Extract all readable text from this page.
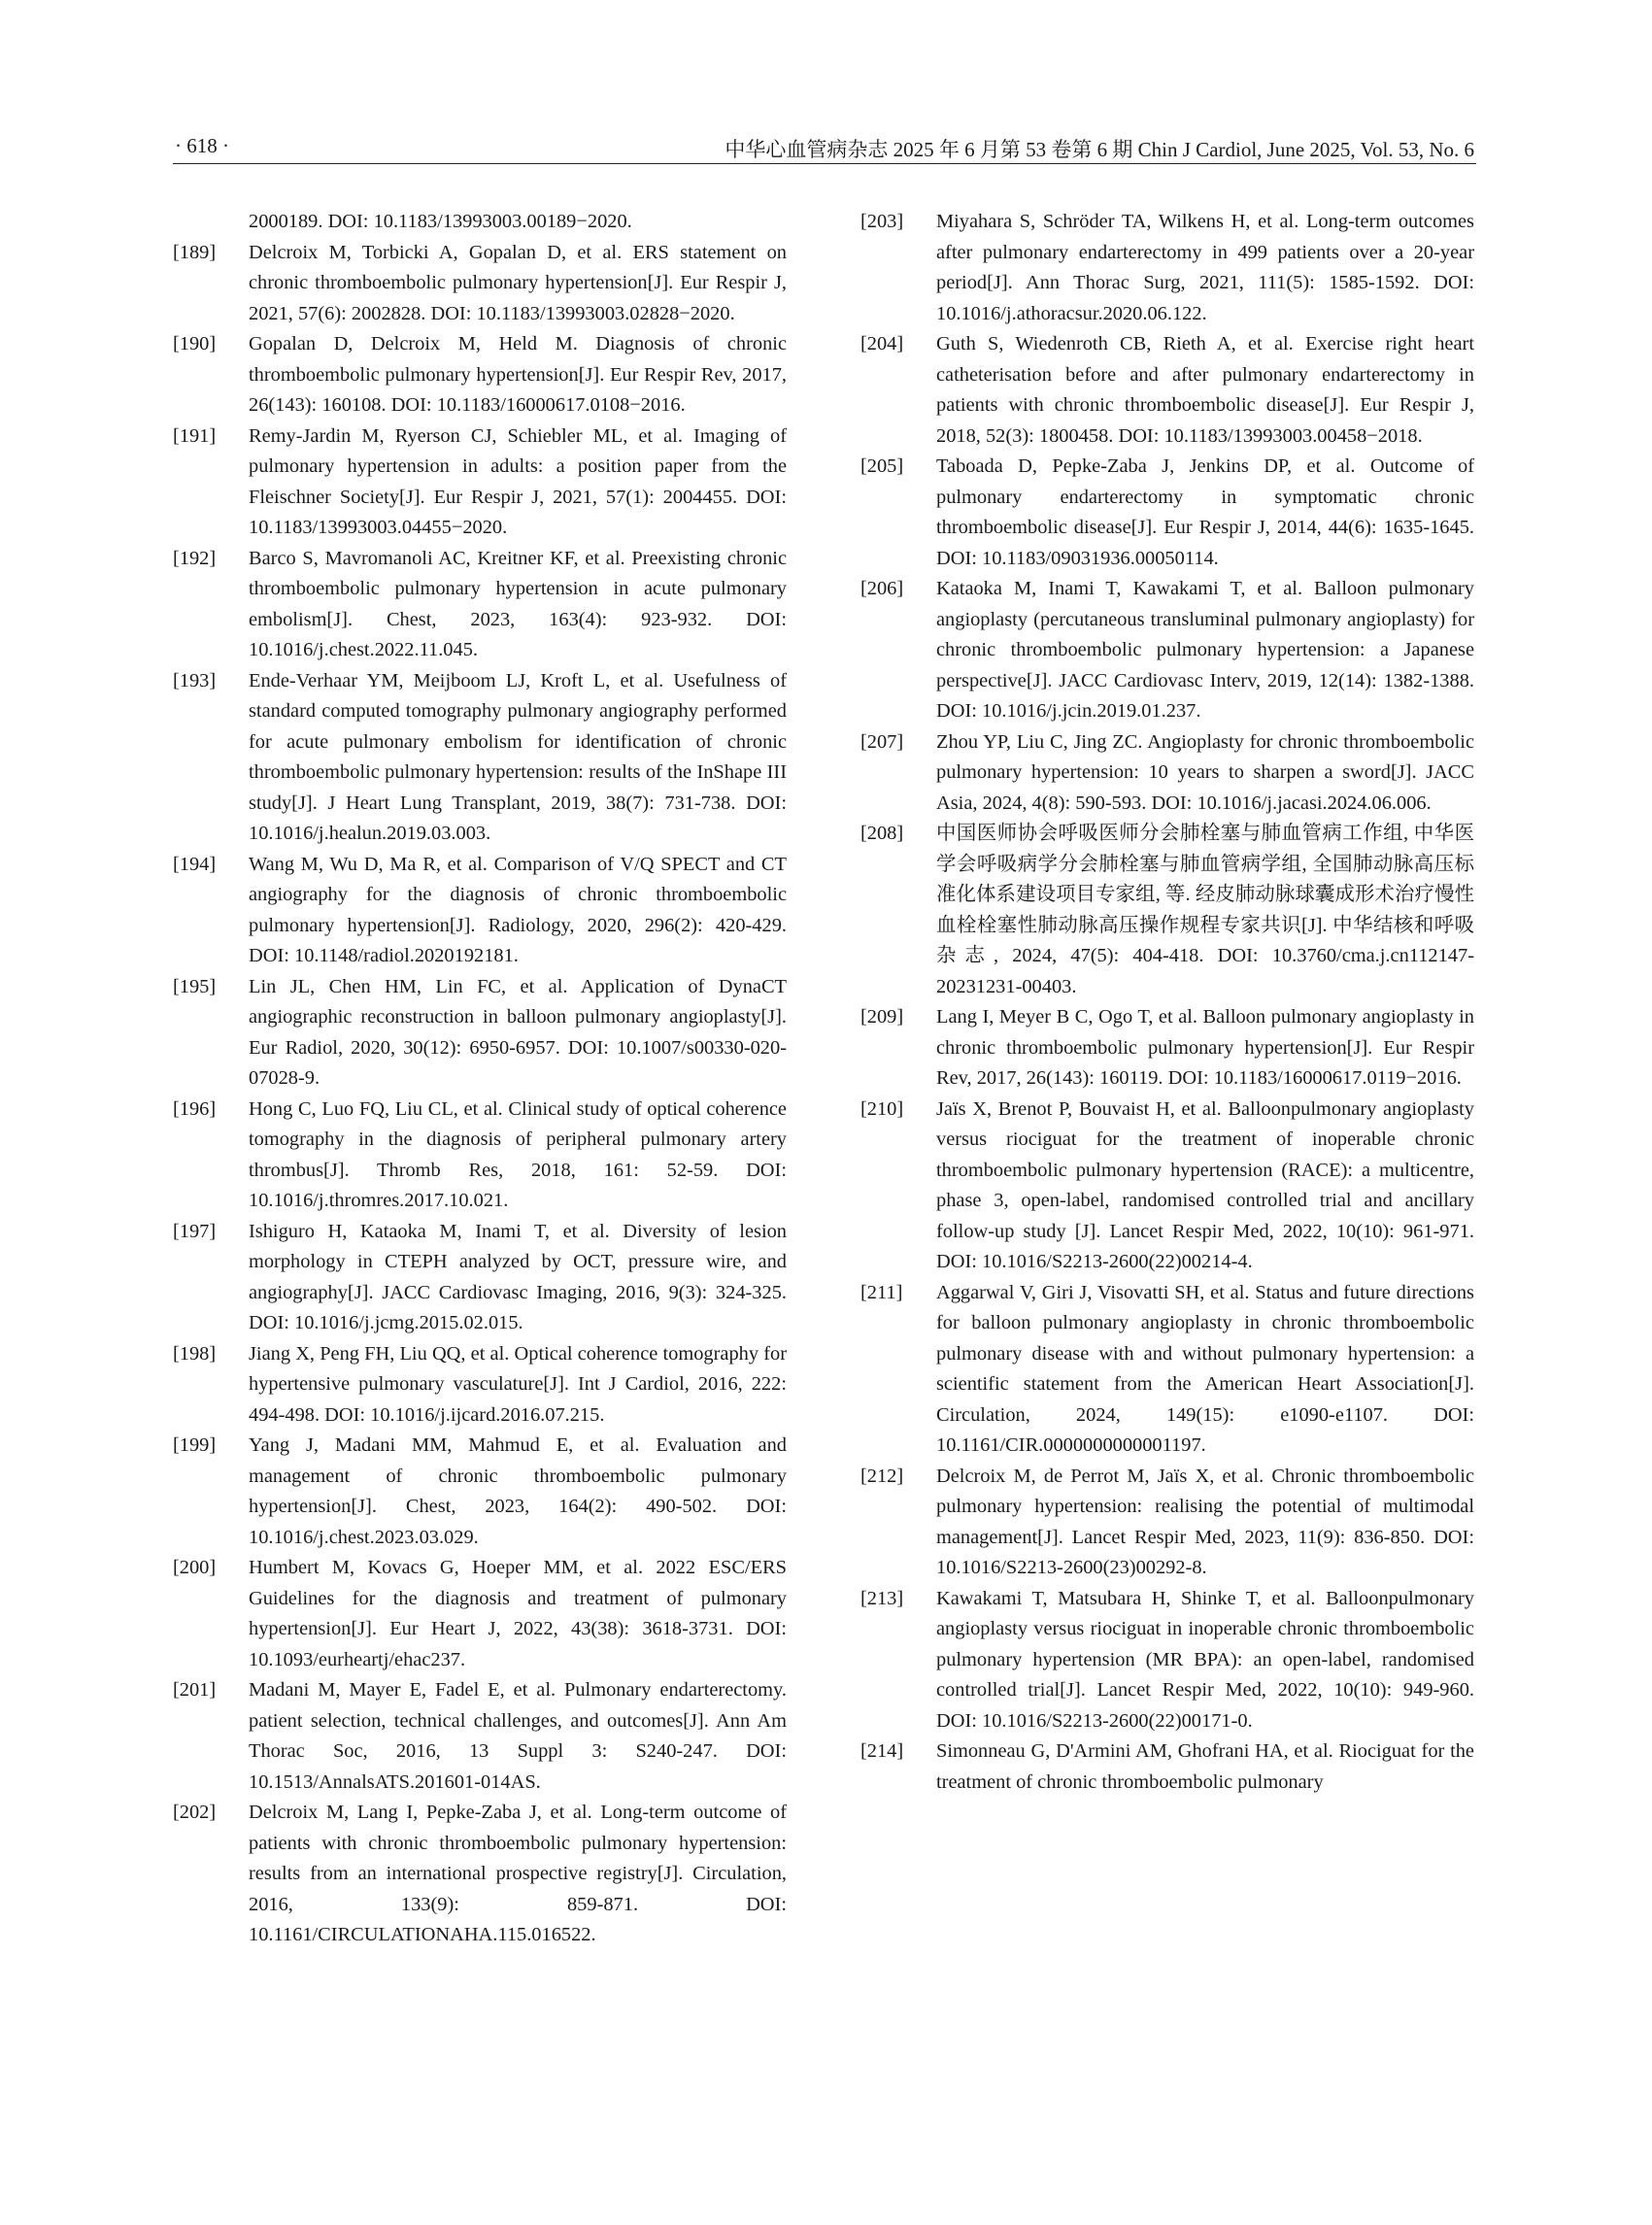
· 618 ·	中华心血管病杂志 2025 年 6 月第 53 卷第 6 期 Chin J Cardiol, June 2025, Vol. 53, No. 6

2000189. DOI: 10.1183/13993003.00189−2020.

[189] Delcroix M, Torbicki A, Gopalan D, et al. ERS statement on chronic thromboembolic pulmonary hypertension[J]. Eur Respir J, 2021, 57(6): 2002828. DOI: 10.1183/13993003.02828−2020.

[190] Gopalan D, Delcroix M, Held M. Diagnosis of chronic thromboembolic pulmonary hypertension[J]. Eur Respir Rev, 2017, 26(143): 160108. DOI: 10.1183/16000617.0108−2016.

[191] Remy-Jardin M, Ryerson CJ, Schiebler ML, et al. Imaging of pulmonary hypertension in adults: a position paper from the Fleischner Society[J]. Eur Respir J, 2021, 57(1): 2004455. DOI: 10.1183/13993003.04455−2020.

[192] Barco S, Mavromanoli AC, Kreitner KF, et al. Preexisting chronic thromboembolic pulmonary hypertension in acute pulmonary embolism[J]. Chest, 2023, 163(4): 923-932. DOI: 10.1016/j.chest.2022.11.045.

[193] Ende-Verhaar YM, Meijboom LJ, Kroft L, et al. Usefulness of standard computed tomography pulmonary angiography performed for acute pulmonary embolism for identification of chronic thromboembolic pulmonary hypertension: results of the InShape III study[J]. J Heart Lung Transplant, 2019, 38(7): 731-738. DOI: 10.1016/j.healun.2019.03.003.

[194] Wang M, Wu D, Ma R, et al. Comparison of V/Q SPECT and CT angiography for the diagnosis of chronic thromboembolic pulmonary hypertension[J]. Radiology, 2020, 296(2): 420-429. DOI: 10.1148/radiol.2020192181.

[195] Lin JL, Chen HM, Lin FC, et al. Application of DynaCT angiographic reconstruction in balloon pulmonary angioplasty[J]. Eur Radiol, 2020, 30(12): 6950-6957. DOI: 10.1007/s00330-020-07028-9.

[196] Hong C, Luo FQ, Liu CL, et al. Clinical study of optical coherence tomography in the diagnosis of peripheral pulmonary artery thrombus[J]. Thromb Res, 2018, 161: 52-59. DOI: 10.1016/j.thromres.2017.10.021.

[197] Ishiguro H, Kataoka M, Inami T, et al. Diversity of lesion morphology in CTEPH analyzed by OCT, pressure wire, and angiography[J]. JACC Cardiovasc Imaging, 2016, 9(3): 324-325. DOI: 10.1016/j.jcmg.2015.02.015.

[198] Jiang X, Peng FH, Liu QQ, et al. Optical coherence tomography for hypertensive pulmonary vasculature[J]. Int J Cardiol, 2016, 222: 494-498. DOI: 10.1016/j.ijcard.2016.07.215.

[199] Yang J, Madani MM, Mahmud E, et al. Evaluation and management of chronic thromboembolic pulmonary hypertension[J]. Chest, 2023, 164(2): 490-502. DOI: 10.1016/j.chest.2023.03.029.

[200] Humbert M, Kovacs G, Hoeper MM, et al. 2022 ESC/ERS Guidelines for the diagnosis and treatment of pulmonary hypertension[J]. Eur Heart J, 2022, 43(38): 3618-3731. DOI: 10.1093/eurheartj/ehac237.

[201] Madani M, Mayer E, Fadel E, et al. Pulmonary endarterectomy. patient selection, technical challenges, and outcomes[J]. Ann Am Thorac Soc, 2016, 13 Suppl 3: S240-247. DOI: 10.1513/AnnalsATS.201601-014AS.

[202] Delcroix M, Lang I, Pepke-Zaba J, et al. Long-term outcome of patients with chronic thromboembolic pulmonary hypertension: results from an international prospective registry[J]. Circulation, 2016, 133(9): 859-871. DOI: 10.1161/CIRCULATIONAHA.115.016522.

[203] Miyahara S, Schröder TA, Wilkens H, et al. Long-term outcomes after pulmonary endarterectomy in 499 patients over a 20-year period[J]. Ann Thorac Surg, 2021, 111(5): 1585-1592. DOI: 10.1016/j.athoracsur.2020.06.122.

[204] Guth S, Wiedenroth CB, Rieth A, et al. Exercise right heart catheterisation before and after pulmonary endarterectomy in patients with chronic thromboembolic disease[J]. Eur Respir J, 2018, 52(3): 1800458. DOI: 10.1183/13993003.00458−2018.

[205] Taboada D, Pepke-Zaba J, Jenkins DP, et al. Outcome of pulmonary endarterectomy in symptomatic chronic thromboembolic disease[J]. Eur Respir J, 2014, 44(6): 1635-1645. DOI: 10.1183/09031936.00050114.

[206] Kataoka M, Inami T, Kawakami T, et al. Balloon pulmonary angioplasty (percutaneous transluminal pulmonary angioplasty) for chronic thromboembolic pulmonary hypertension: a Japanese perspective[J]. JACC Cardiovasc Interv, 2019, 12(14): 1382-1388. DOI: 10.1016/j.jcin.2019.01.237.

[207] Zhou YP, Liu C, Jing ZC. Angioplasty for chronic thromboembolic pulmonary hypertension: 10 years to sharpen a sword[J]. JACC Asia, 2024, 4(8): 590-593. DOI: 10.1016/j.jacasi.2024.06.006.

[208] 中国医师协会呼吸医师分会肺栓塞与肺血管病工作组, 中华医学会呼吸病学分会肺栓塞与肺血管病学组, 全国肺动脉高压标准化体系建设项目专家组, 等. 经皮肺动脉球囊成形术治疗慢性血栓栓塞性肺动脉高压操作规程专家共识[J]. 中华结核和呼吸杂志, 2024, 47(5): 404-418. DOI: 10.3760/cma.j.cn112147-20231231-00403.

[209] Lang I, Meyer B C, Ogo T, et al. Balloon pulmonary angioplasty in chronic thromboembolic pulmonary hypertension[J]. Eur Respir Rev, 2017, 26(143): 160119. DOI: 10.1183/16000617.0119−2016.

[210] Jaïs X, Brenot P, Bouvaist H, et al. Balloonpulmonary angioplasty versus riociguat for the treatment of inoperable chronic thromboembolic pulmonary hypertension (RACE): a multicentre, phase 3, open-label, randomised controlled trial and ancillary follow-up study [J]. Lancet Respir Med, 2022, 10(10): 961-971. DOI: 10.1016/S2213-2600(22)00214-4.

[211] Aggarwal V, Giri J, Visovatti SH, et al. Status and future directions for balloon pulmonary angioplasty in chronic thromboembolic pulmonary disease with and without pulmonary hypertension: a scientific statement from the American Heart Association[J]. Circulation, 2024, 149(15): e1090-e1107. DOI: 10.1161/CIR.0000000000001197.

[212] Delcroix M, de Perrot M, Jaïs X, et al. Chronic thromboembolic pulmonary hypertension: realising the potential of multimodal management[J]. Lancet Respir Med, 2023, 11(9): 836-850. DOI: 10.1016/S2213-2600(23)00292-8.

[213] Kawakami T, Matsubara H, Shinke T, et al. Balloonpulmonary angioplasty versus riociguat in inoperable chronic thromboembolic pulmonary hypertension (MR BPA): an open-label, randomised controlled trial[J]. Lancet Respir Med, 2022, 10(10): 949-960. DOI: 10.1016/S2213-2600(22)00171-0.

[214] Simonneau G, D'Armini AM, Ghofrani HA, et al. Riociguat for the treatment of chronic thromboembolic pulmonary
